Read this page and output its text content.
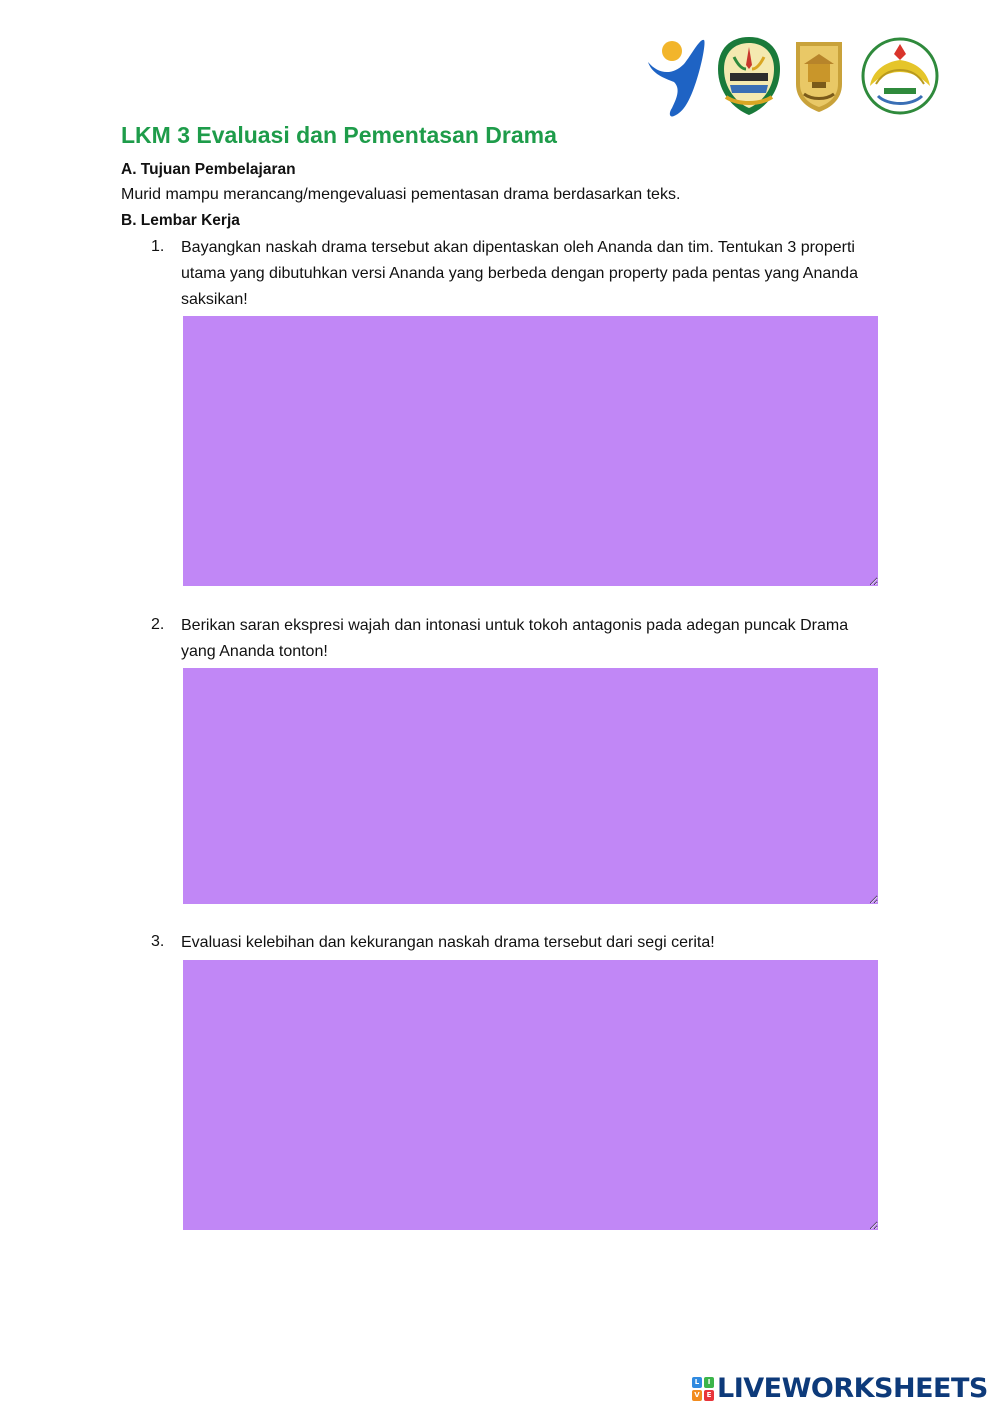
LKM 3 Evaluasi dan Pementasan Drama
A. Tujuan Pembelajaran
Murid mampu merancang/mengevaluasi pementasan drama berdasarkan teks.
B. Lembar Kerja
1. Bayangkan naskah drama tersebut akan dipentaskan oleh Ananda dan tim. Tentukan 3 properti utama yang dibutuhkan versi Ananda yang berbeda dengan property pada pentas yang Ananda saksikan!
2. Berikan saran ekspresi wajah dan intonasi untuk tokoh antagonis pada adegan puncak Drama yang Ananda tonton!
3. Evaluasi kelebihan dan kekurangan naskah drama tersebut dari segi cerita!
L	I
V E LIVEWORKSHEETS
